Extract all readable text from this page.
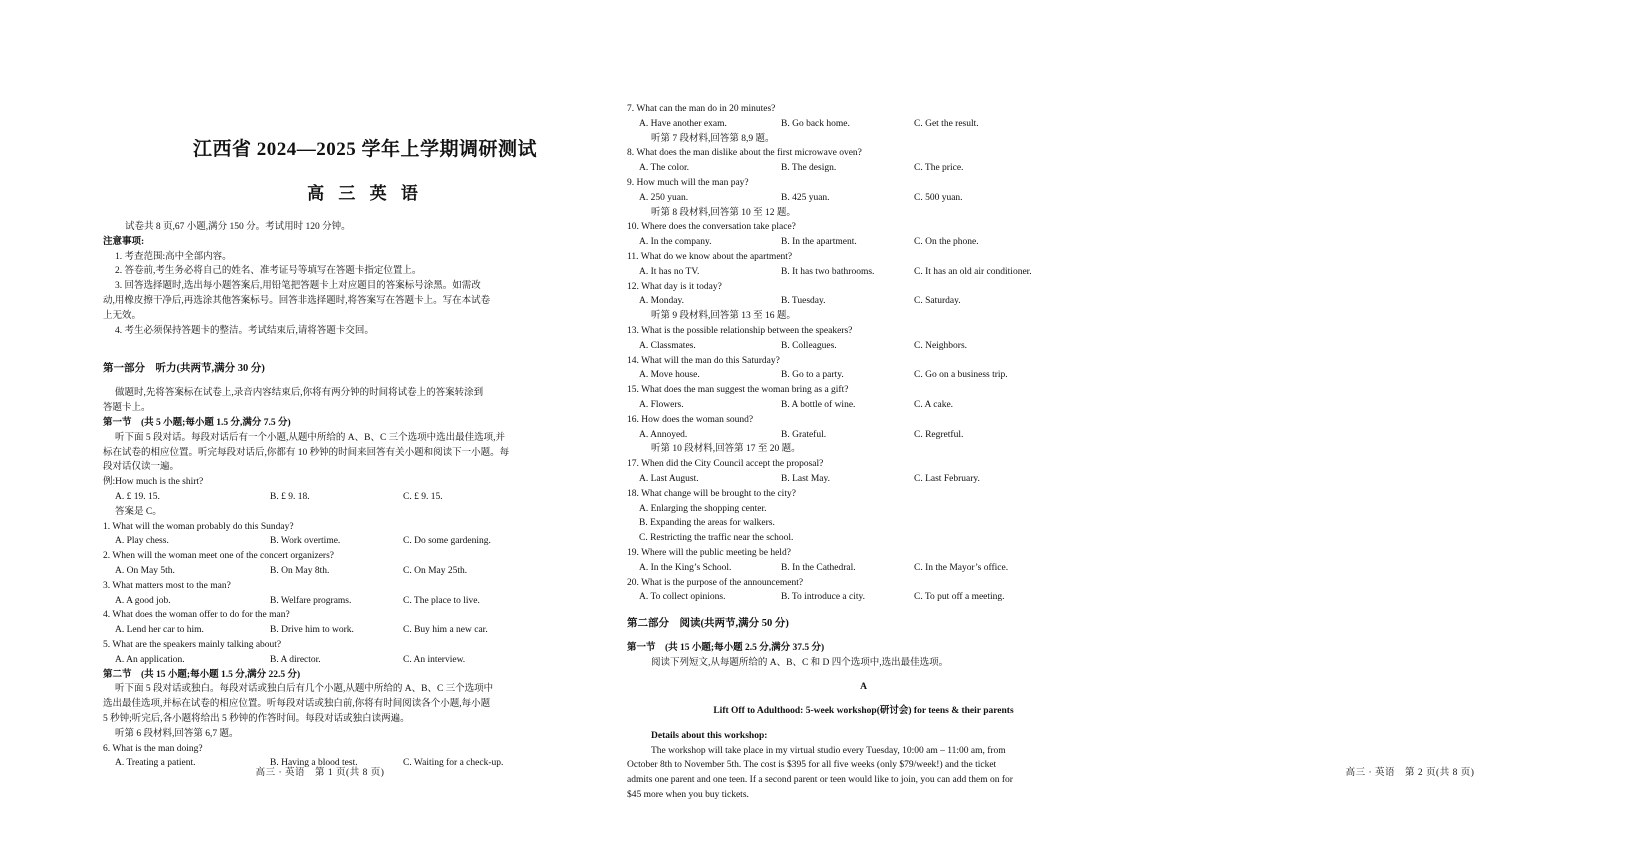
江西省 2024—2025 学年上学期调研测试
高 三 英 语

试卷共 8 页,67 小题,满分 150 分。考试用时 120 分钟。

注意事项:

1. 考查范围:高中全部内容。

2. 答卷前,考生务必将自己的姓名、准考证号等填写在答题卡指定位置上。

3. 回答选择题时,选出每小题答案后,用铅笔把答题卡上对应题目的答案标号涂黑。如需改

动,用橡皮擦干净后,再选涂其他答案标号。回答非选择题时,将答案写在答题卡上。写在本试卷

上无效。

4. 考生必须保持答题卡的整洁。考试结束后,请将答题卡交回。

第一部分　听力(共两节,满分 30 分)

做题时,先将答案标在试卷上,录音内容结束后,你将有两分钟的时间将试卷上的答案转涂到

答题卡上。

第一节　(共 5 小题;每小题 1.5 分,满分 7.5 分)

听下面 5 段对话。每段对话后有一个小题,从题中所给的 A、B、C 三个选项中选出最佳选项,并

标在试卷的相应位置。听完每段对话后,你都有 10 秒钟的时间来回答有关小题和阅读下一小题。每

段对话仅读一遍。

例:How much is the shirt?

A. £ 19. 15.	B. £ 9. 18.	C. £ 9. 15.

答案是 C。

1. What will the woman probably do this Sunday?

A. Play chess.	B. Work overtime.	C. Do some gardening.

2. When will the woman meet one of the concert organizers?

A. On May 5th.	B. On May 8th.	C. On May 25th.

3. What matters most to the man?

A. A good job.	B. Welfare programs.	C. The place to live.

4. What does the woman offer to do for the man?

A. Lend her car to him.	B. Drive him to work.	C. Buy him a new car.

5. What are the speakers mainly talking about?

A. An application.	B. A director.	C. An interview.

第二节　(共 15 小题;每小题 1.5 分,满分 22.5 分)

听下面 5 段对话或独白。每段对话或独白后有几个小题,从题中所给的 A、B、C 三个选项中

选出最佳选项,并标在试卷的相应位置。听每段对话或独白前,你将有时间阅读各个小题,每小题

5 秒钟;听完后,各小题将给出 5 秒钟的作答时间。每段对话或独白读两遍。

听第 6 段材料,回答第 6,7 题。

6. What is the man doing?

A. Treating a patient.	B. Having a blood test.	C. Waiting for a check-up.
高三 · 英语　第 1 页(共 8 页)

7. What can the man do in 20 minutes?

A. Have another exam.	B. Go back home.	C. Get the result.

听第 7 段材料,回答第 8,9 题。

8. What does the man dislike about the first microwave oven?

A. The color.	B. The design.	C. The price.

9. How much will the man pay?

A. 250 yuan.	B. 425 yuan.	C. 500 yuan.

听第 8 段材料,回答第 10 至 12 题。

10. Where does the conversation take place?

A. In the company.	B. In the apartment.	C. On the phone.

11. What do we know about the apartment?

A. It has no TV.	B. It has two bathrooms.	C. It has an old air conditioner.

12. What day is it today?

A. Monday.	B. Tuesday.	C. Saturday.

听第 9 段材料,回答第 13 至 16 题。

13. What is the possible relationship between the speakers?

A. Classmates.	B. Colleagues.	C. Neighbors.

14. What will the man do this Saturday?

A. Move house.	B. Go to a party.	C. Go on a business trip.

15. What does the man suggest the woman bring as a gift?

A. Flowers.	B. A bottle of wine.	C. A cake.

16. How does the woman sound?

A. Annoyed.	B. Grateful.	C. Regretful.

听第 10 段材料,回答第 17 至 20 题。

17. When did the City Council accept the proposal?

A. Last August.	B. Last May.	C. Last February.

18. What change will be brought to the city?

A. Enlarging the shopping center.

B. Expanding the areas for walkers.

C. Restricting the traffic near the school.

19. Where will the public meeting be held?

A. In the King’s School.	B. In the Cathedral.	C. In the Mayor’s office.

20. What is the purpose of the announcement?

A. To collect opinions.	B. To introduce a city.	C. To put off a meeting.

第二部分　阅读(共两节,满分 50 分)

第一节　(共 15 小题;每小题 2.5 分,满分 37.5 分)

阅读下列短文,从每题所给的 A、B、C 和 D 四个选项中,选出最佳选项。

A

Lift Off to Adulthood: 5-week workshop(研讨会) for teens & their parents

Details about this workshop:

The workshop will take place in my virtual studio every Tuesday, 10:00 am – 11:00 am, from

October 8th to November 5th. The cost is $395 for all five weeks (only $79/week!) and the ticket

admits one parent and one teen. If a second parent or teen would like to join, you can add them on for

$45 more when you buy tickets.

高三 · 英语　第 2 页(共 8 页)
